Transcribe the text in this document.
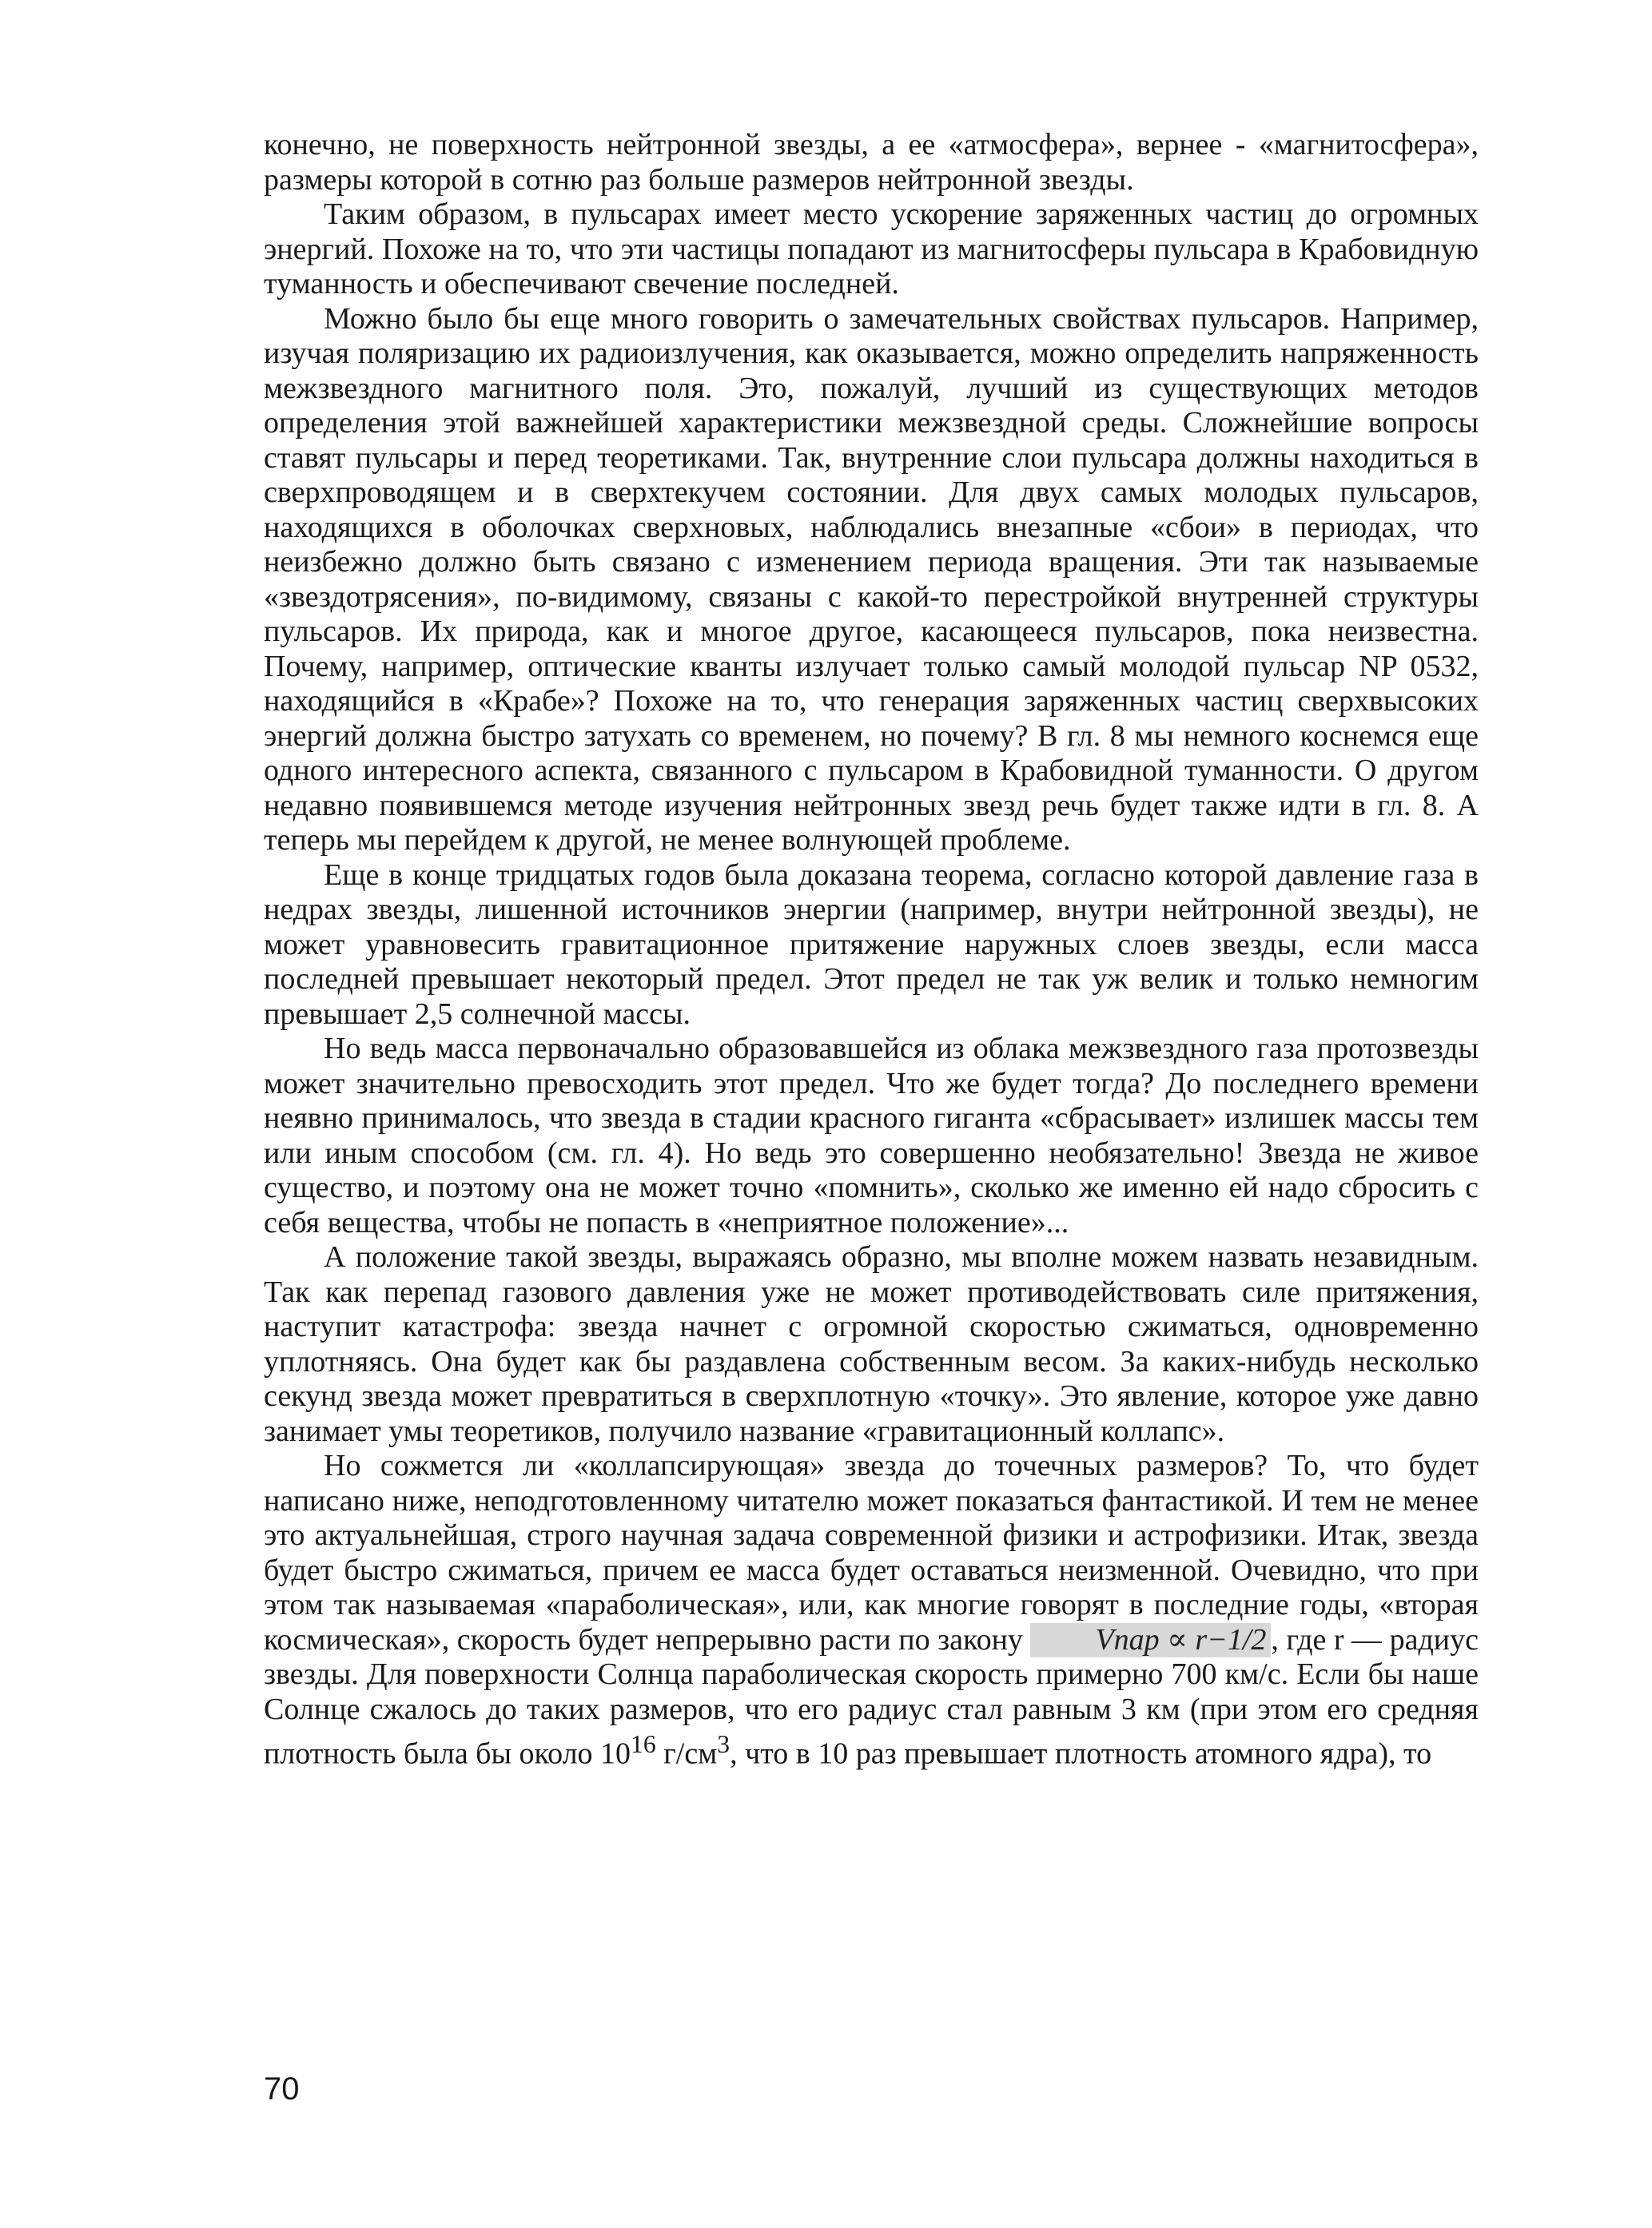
конечно, не поверхность нейтронной звезды, а ее «атмосфера», вернее - «магнитосфера», размеры которой в сотню раз больше размеров нейтронной звезды.

Таким образом, в пульсарах имеет место ускорение заряженных частиц до огромных энергий. Похоже на то, что эти частицы попадают из магнитосферы пульсара в Крабовидную туманность и обеспечивают свечение последней.

Можно было бы еще много говорить о замечательных свойствах пульсаров. Например, изучая поляризацию их радиоизлучения, как оказывается, можно определить напряженность межзвездного магнитного поля. Это, пожалуй, лучший из существующих методов определения этой важнейшей характеристики межзвездной среды. Сложнейшие вопросы ставят пульсары и перед теоретиками. Так, внутренние слои пульсара должны находиться в сверхпроводящем и в сверхтекучем состоянии. Для двух самых молодых пульсаров, находящихся в оболочках сверхновых, наблюдались внезапные «сбои» в периодах, что неизбежно должно быть связано с изменением периода вращения. Эти так называемые «звездотрясения», по-видимому, связаны с какой-то перестройкой внутренней структуры пульсаров. Их природа, как и многое другое, касающееся пульсаров, пока неизвестна. Почему, например, оптические кванты излучает только самый молодой пульсар NP 0532, находящийся в «Крабе»? Похоже на то, что генерация заряженных частиц сверхвысоких энергий должна быстро затухать со временем, но почему? В гл. 8 мы немного коснемся еще одного интересного аспекта, связанного с пульсаром в Крабовидной туманности. О другом недавно появившемся методе изучения нейтронных звезд речь будет также идти в гл. 8. А теперь мы перейдем к другой, не менее волнующей проблеме.

Еще в конце тридцатых годов была доказана теорема, согласно которой давление газа в недрах звезды, лишенной источников энергии (например, внутри нейтронной звезды), не может уравновесить гравитационное притяжение наружных слоев звезды, если масса последней превышает некоторый предел. Этот предел не так уж велик и только немногим превышает 2,5 солнечной массы.

Но ведь масса первоначально образовавшейся из облака межзвездного газа протозвезды может значительно превосходить этот предел. Что же будет тогда? До последнего времени неявно принималось, что звезда в стадии красного гиганта «сбрасывает» излишек массы тем или иным способом (см. гл. 4). Но ведь это совершенно необязательно! Звезда не живое существо, и поэтому она не может точно «помнить», сколько же именно ей надо сбросить с себя вещества, чтобы не попасть в «неприятное положение»...

А положение такой звезды, выражаясь образно, мы вполне можем назвать незавидным. Так как перепад газового давления уже не может противодействовать силе притяжения, наступит катастрофа: звезда начнет с огромной скоростью сжиматься, одновременно уплотняясь. Она будет как бы раздавлена собственным весом. За каких-нибудь несколько секунд звезда может превратиться в сверхплотную «точку». Это явление, которое уже давно занимает умы теоретиков, получило название «гравитационный коллапс».

Но сожмется ли «коллапсирующая» звезда до точечных размеров? То, что будет написано ниже, неподготовленному читателю может показаться фантастикой. И тем не менее это актуальнейшая, строго научная задача современной физики и астрофизики. Итак, звезда будет быстро сжиматься, причем ее масса будет оставаться неизменной. Очевидно, что при этом так называемая «параболическая», или, как многие говорят в последние годы, «вторая космическая», скорость будет непрерывно расти по закону Vпар ∝ r−1/2 , где r — радиус звезды. Для поверхности Солнца параболическая скорость примерно 700 км/с. Если бы наше Солнце сжалось до таких размеров, что его радиус стал равным 3 км (при этом его средняя плотность была бы около $10^{16}$ $г/см^3$, что в 10 раз превышает плотность атомного ядра), то

70
